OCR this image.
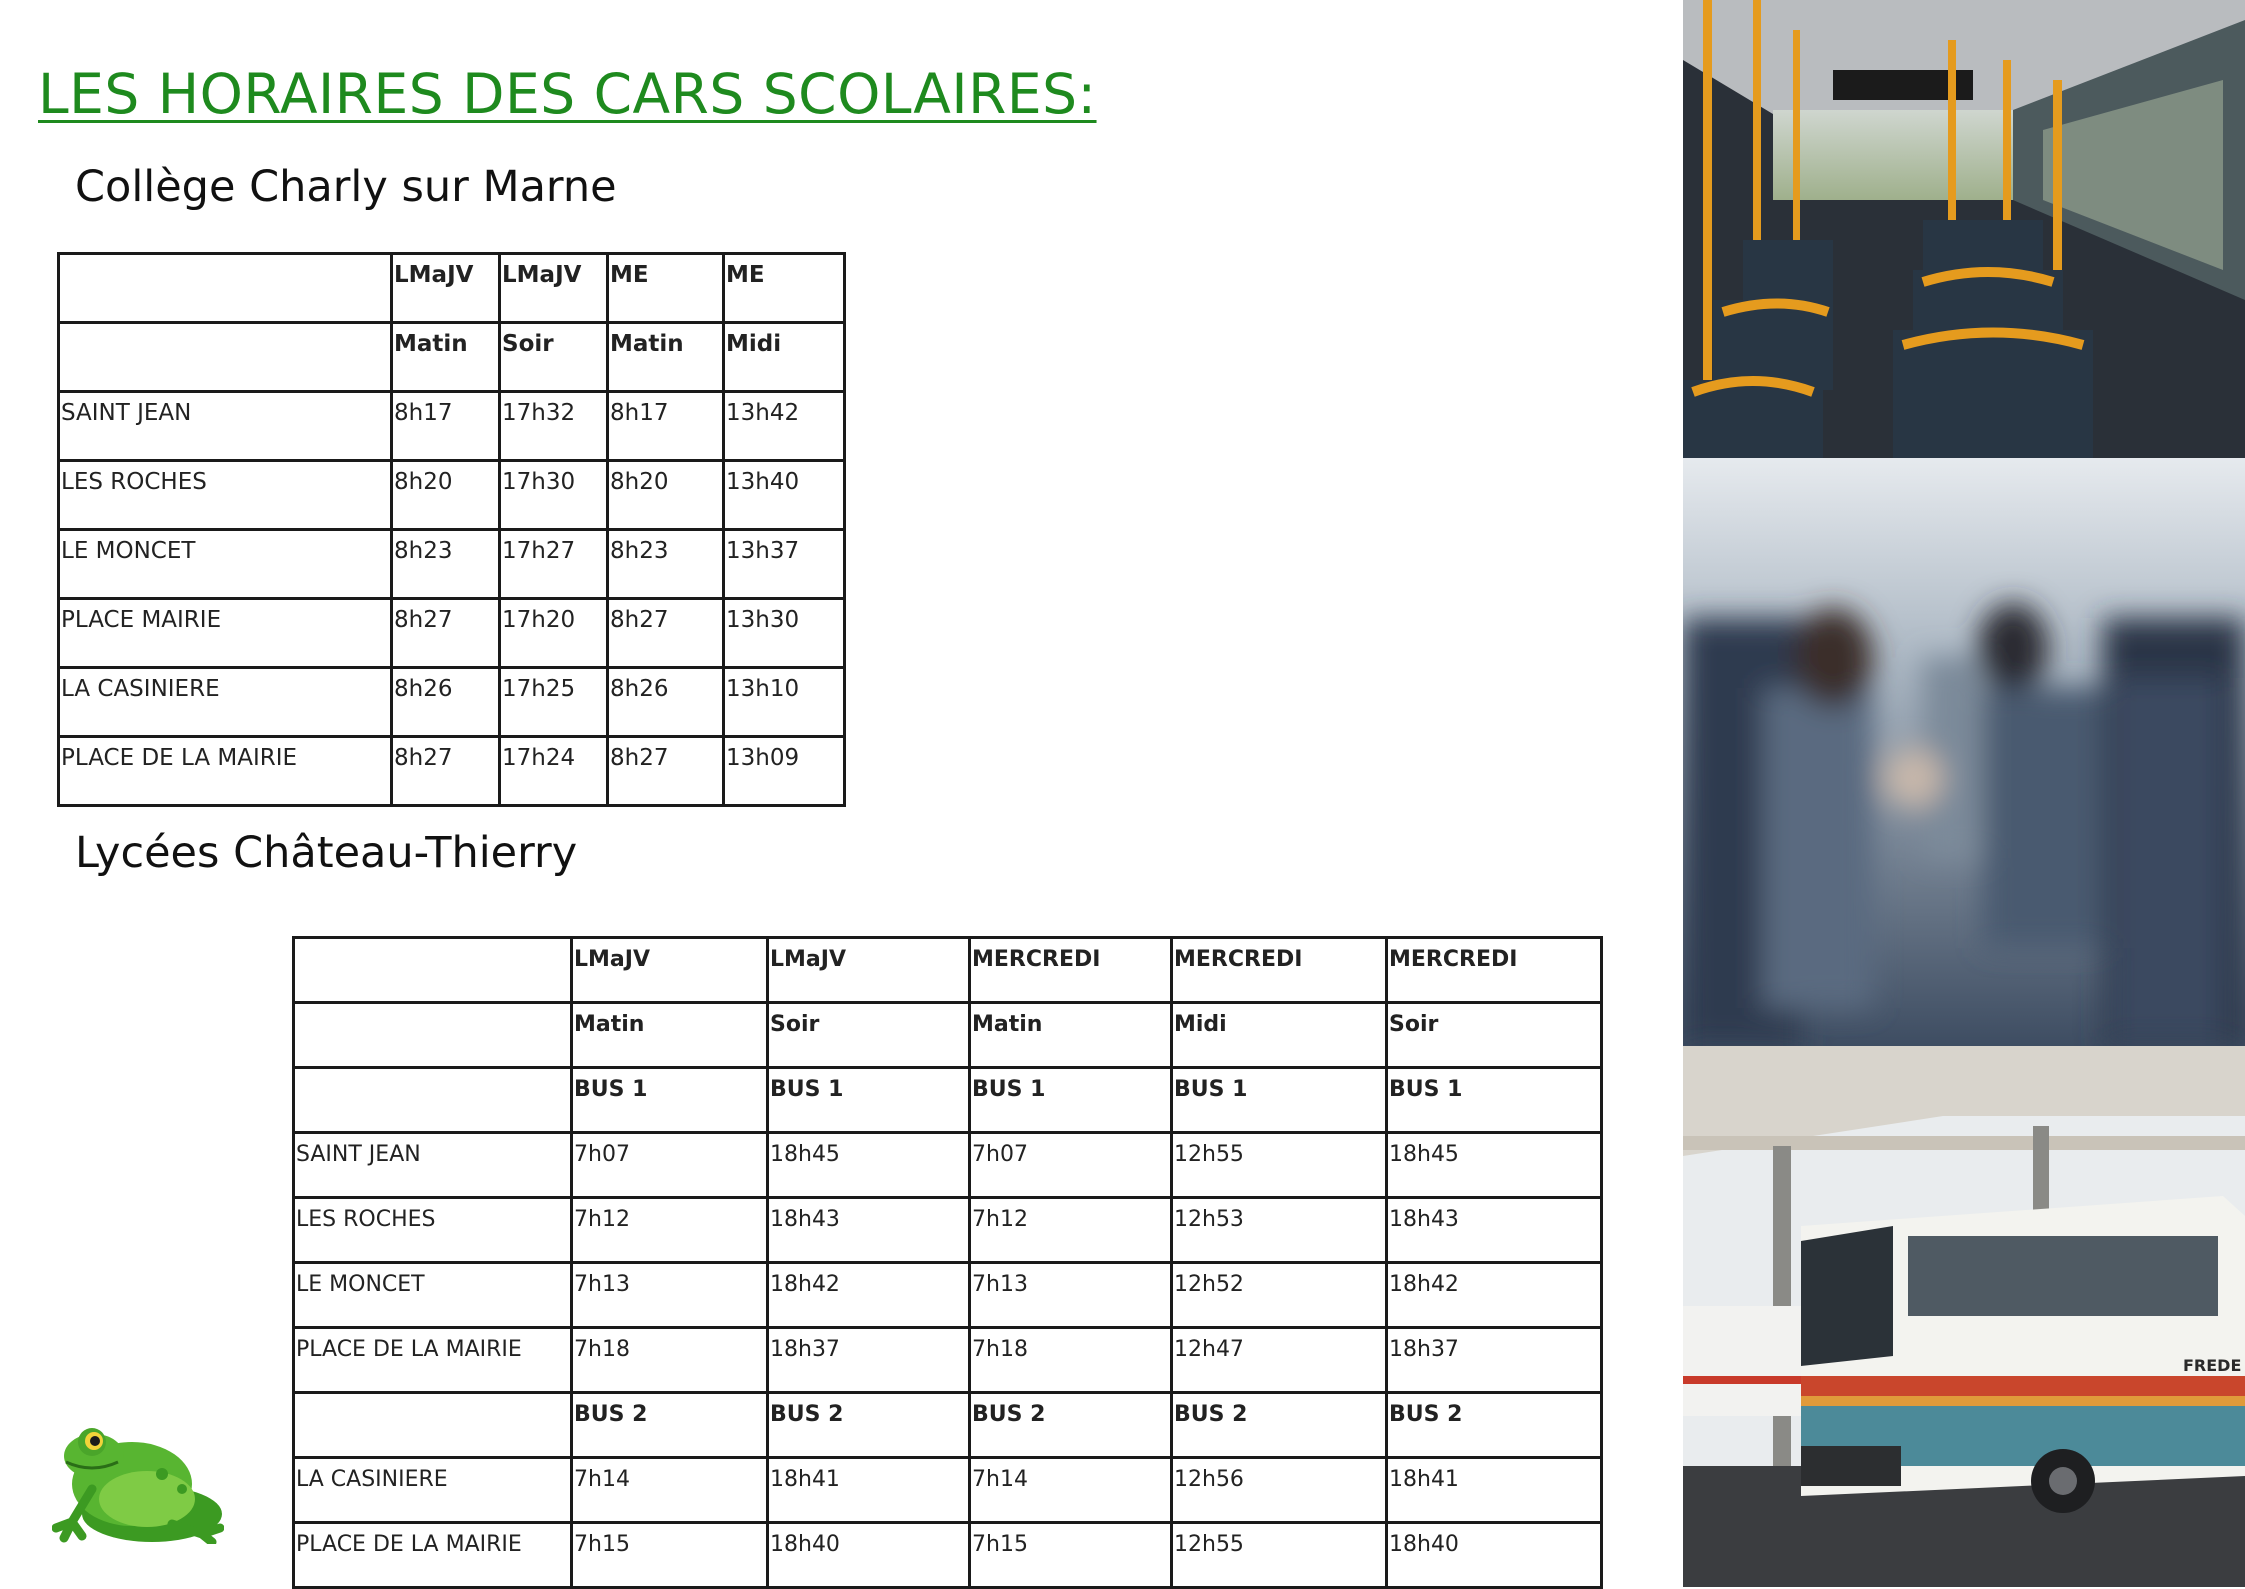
LES HORAIRES DES CARS SCOLAIRES:
Collège Charly sur Marne
	LMaJV	LMaJV	ME	ME
	Matin	Soir	Matin	Midi
SAINT JEAN	8h17	17h32	8h17	13h42
LES ROCHES	8h20	17h30	8h20	13h40
LE MONCET	8h23	17h27	8h23	13h37
PLACE MAIRIE	8h27	17h20	8h27	13h30
LA CASINIERE	8h26	17h25	8h26	13h10
PLACE DE LA MAIRIE	8h27	17h24	8h27	13h09
Lycées Château-Thierry
	LMaJV	LMaJV	MERCREDI	MERCREDI	MERCREDI
	Matin	Soir	Matin	Midi	Soir
	BUS 1	BUS 1	BUS 1	BUS 1	BUS 1
SAINT JEAN	7h07	18h45	7h07	12h55	18h45
LES ROCHES	7h12	18h43	7h12	12h53	18h43
LE MONCET	7h13	18h42	7h13	12h52	18h42
PLACE DE LA MAIRIE	7h18	18h37	7h18	12h47	18h37
	BUS 2	BUS 2	BUS 2	BUS 2	BUS 2
LA CASINIERE	7h14	18h41	7h14	12h56	18h41
PLACE DE LA MAIRIE	7h15	18h40	7h15	12h55	18h40
FREDE
